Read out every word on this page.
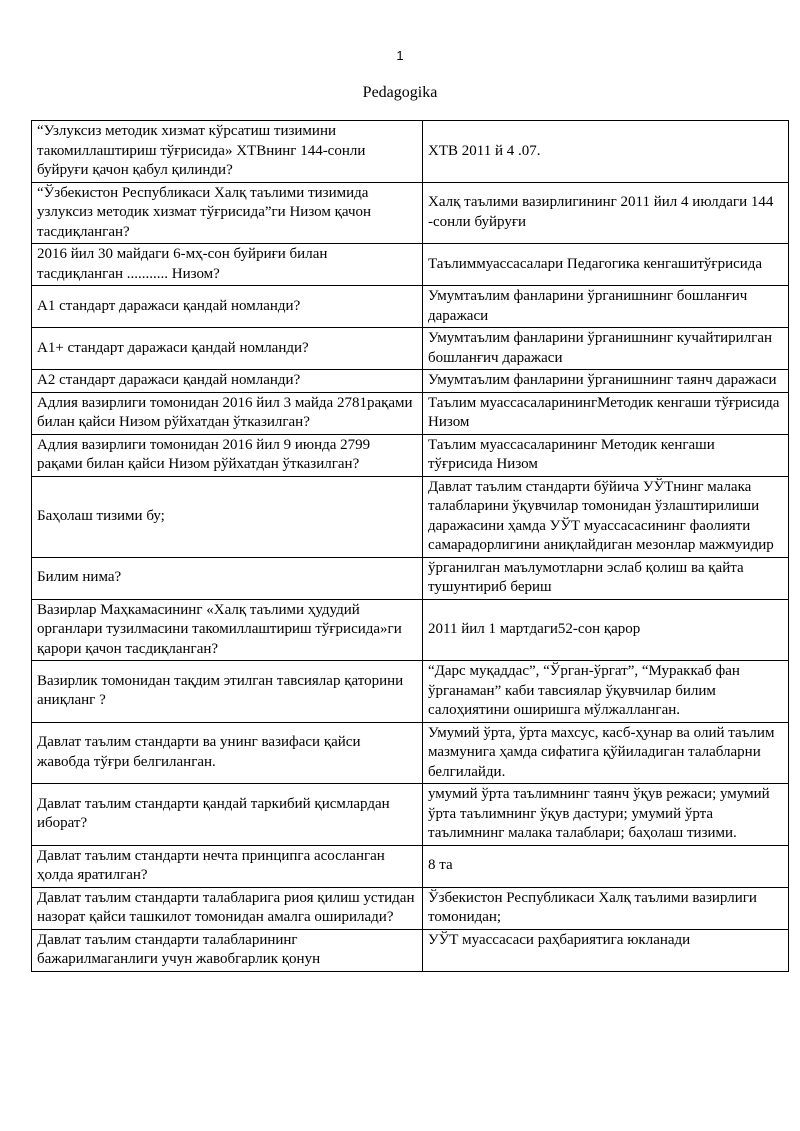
1
Pedagogika
“Узлуксиз методик хизмат кўрсатиш тизимини такомиллаштириш тўғрисида» ХТВнинг 144-сонли буйруғи қачон қабул қилинди?	ХТВ 2011 й 4 .07.
“Ўзбекистон Республикаси Халқ таълими тизимида узлуксиз методик хизмат тўғрисида”ги Низом қачон тасдиқланган?	Халқ таълими вазирлигининг 2011 йил 4 июлдаги 144 -сонли буйруғи
2016 йил 30 майдаги 6-мҳ-сон буйриғи билан тасдиқланган ........... Низом?	Таълиммуассасалари Педагогика кенгашитўғрисида
А1 стандарт даражаси қандай номланди?	Умумтаълим фанларини ўрганишнинг бошланғич даражаси
А1+ стандарт даражаси қандай номланди?	Умумтаълим фанларини ўрганишнинг кучайтирилган бошланғич даражаси
А2 стандарт даражаси қандай номланди?	Умумтаълим фанларини ўрганишнинг таянч даражаси
Адлия вазирлиги томонидан 2016 йил 3 майда 2781рақами билан қайси Низом рўйхатдан ўтказилган?	Таълим муассасаларинингМетодик кенгаши тўғрисида Низом
Адлия вазирлиги томонидан 2016 йил 9 июнда 2799 рақами билан қайси Низом рўйхатдан ўтказилган?	Таълим муассасаларининг Методик кенгаши тўғрисида Низом
Баҳолаш тизими бу;	Давлат таълим стандарти бўйича УЎТнинг малака талабларини ўқувчилар томонидан ўзлаштирилиши даражасини ҳамда УЎТ муассасасининг фаолияти самарадорлигини аниқлайдиган мезонлар мажмуидир
Билим нима?	ўрганилган маълумотларни эслаб қолиш ва қайта тушунтириб бериш
Вазирлар Маҳкамасининг «Халқ таълими ҳудудий органлари тузилмасини такомиллаштириш тўғрисида»ги қарори қачон тасдиқланган?	2011 йил 1 мартдаги52-сон қарор
Вазирлик томонидан тақдим этилган тавсиялар қаторини аниқланг ?	“Дарс муқаддас”, “Ўрган-ўргат”, “Мураккаб фан ўрганаман” каби тавсиялар ўқувчилар билим салоҳиятини оширишга мўлжалланган.
Давлат таълим стандарти ва унинг вазифаси қайси жавобда тўғри белгиланган.	Умумий ўрта, ўрта махсус, касб-ҳунар ва олий таълим мазмунига ҳамда сифатига қўйиладиган талабларни белгилайди.
Давлат таълим стандарти қандай таркибий қисмлардан иборат?	умумий ўрта таълимнинг таянч ўқув режаси; умумий ўрта таълимнинг ўқув дастури; умумий ўрта таълимнинг малака талаблари; баҳолаш тизими.
Давлат таълим стандарти нечта принципга асосланган ҳолда яратилган?	8 та
Давлат таълим стандарти талабларига риоя қилиш устидан назорат қайси ташкилот томонидан амалга оширилади?	Ўзбекистон Республикаси Халқ таълими вазирлиги томонидан;
Давлат таълим стандарти талабларининг бажарилмаганлиги учун жавобгарлик қонун	УЎТ муассасаси раҳбариятига юкланади
